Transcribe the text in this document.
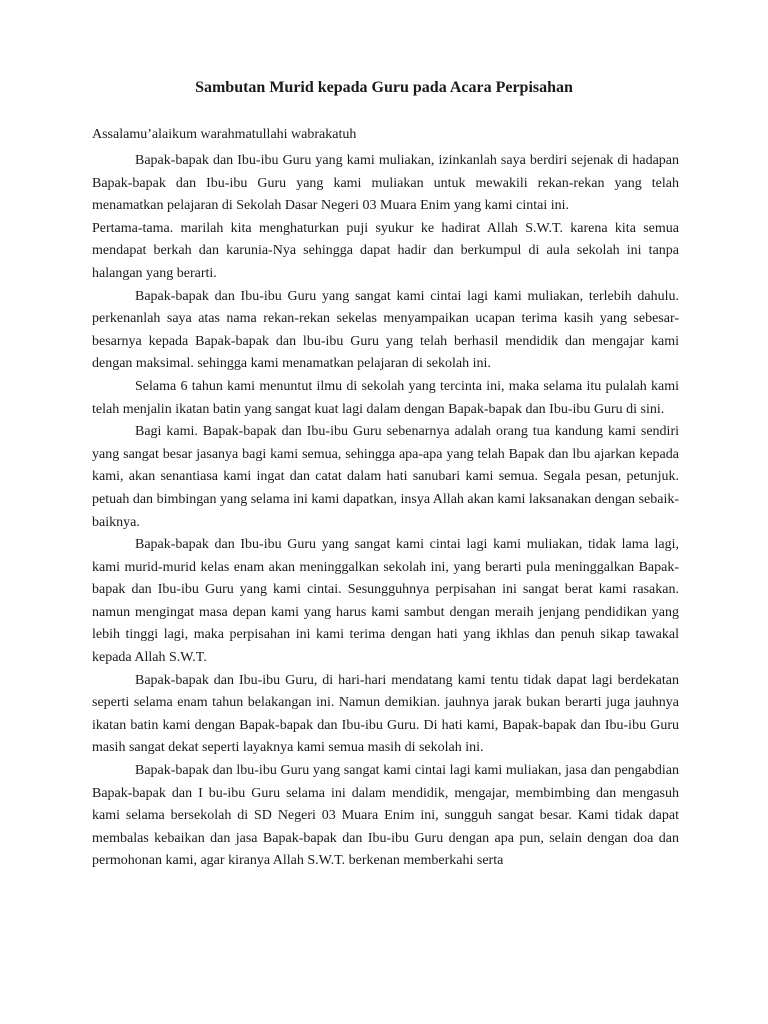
Sambutan Murid kepada Guru pada Acara Perpisahan
Assalamu’alaikum warahmatullahi wabrakatuh

Bapak-bapak dan Ibu-ibu Guru yang kami muliakan, izinkanlah saya berdiri sejenak di hadapan Bapak-bapak dan Ibu-ibu Guru yang kami muliakan untuk mewakili rekan-rekan yang telah menamatkan pelajaran di Sekolah Dasar Negeri 03 Muara Enim yang kami cintai ini.

Pertama-tama. marilah kita menghaturkan puji syukur ke hadirat Allah S.W.T. karena kita semua mendapat berkah dan karunia-Nya sehingga dapat hadir dan berkumpul di aula sekolah ini tanpa halangan yang berarti.

Bapak-bapak dan Ibu-ibu Guru yang sangat kami cintai lagi kami muliakan, terlebih dahulu. perkenanlah saya atas nama rekan-rekan sekelas menyampaikan ucapan terima kasih yang sebesar-besarnya kepada Bapak-bapak dan lbu-ibu Guru yang telah berhasil mendidik dan mengajar kami dengan maksimal. sehingga kami menamatkan pelajaran di sekolah ini.

Selama 6 tahun kami menuntut ilmu di sekolah yang tercinta ini, maka selama itu pulalah kami telah menjalin ikatan batin yang sangat kuat lagi dalam dengan Bapak-bapak dan Ibu-ibu Guru di sini.

Bagi kami. Bapak-bapak dan Ibu-ibu Guru sebenarnya adalah orang tua kandung kami sendiri yang sangat besar jasanya bagi kami semua, sehingga apa-apa yang telah Bapak dan lbu ajarkan kepada kami, akan senantiasa kami ingat dan catat dalam hati sanubari kami semua. Segala pesan, petunjuk. petuah dan bimbingan yang selama ini kami dapatkan, insya Allah akan kami laksanakan dengan sebaik-baiknya.

Bapak-bapak dan Ibu-ibu Guru yang sangat kami cintai lagi kami muliakan, tidak lama lagi, kami murid-murid kelas enam akan meninggalkan sekolah ini, yang berarti pula meninggalkan Bapak-bapak dan Ibu-ibu Guru yang kami cintai. Sesungguhnya perpisahan ini sangat berat kami rasakan. namun mengingat masa depan kami yang harus kami sambut dengan meraih jenjang pendidikan yang lebih tinggi lagi, maka perpisahan ini kami terima dengan hati yang ikhlas dan penuh sikap tawakal kepada Allah S.W.T.

Bapak-bapak dan Ibu-ibu Guru, di hari-hari mendatang kami tentu tidak dapat lagi berdekatan seperti selama enam tahun belakangan ini. Namun demikian. jauhnya jarak bukan berarti juga jauhnya ikatan batin kami dengan Bapak-bapak dan Ibu-ibu Guru. Di hati kami, Bapak-bapak dan Ibu-ibu Guru masih sangat dekat seperti layaknya kami semua masih di sekolah ini.

Bapak-bapak dan lbu-ibu Guru yang sangat kami cintai lagi kami muliakan, jasa dan pengabdian Bapak-bapak dan I bu-ibu Guru selama ini dalam mendidik, mengajar, membimbing dan mengasuh kami selama bersekolah di SD Negeri 03 Muara Enim ini, sungguh sangat besar. Kami tidak dapat membalas kebaikan dan jasa Bapak-bapak dan Ibu-ibu Guru dengan apa pun, selain dengan doa dan permohonan kami, agar kiranya Allah S.W.T. berkenan memberkahi serta
